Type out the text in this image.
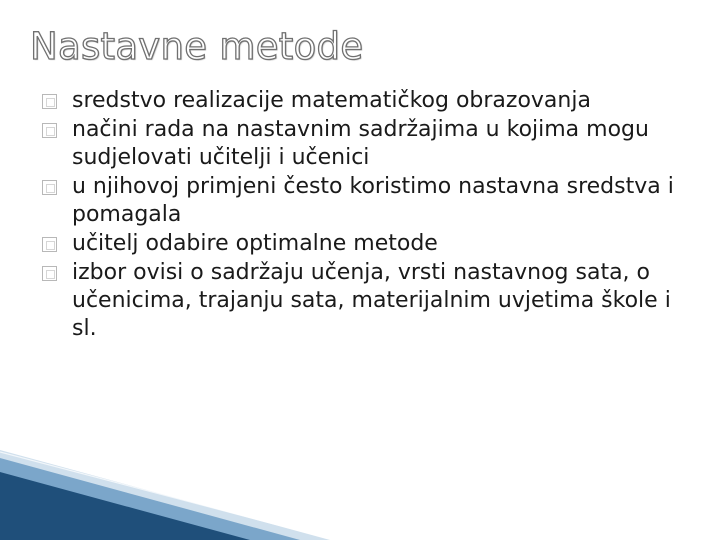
Nastavne metode
sredstvo realizacije matematičkog obrazovanja
načini rada na nastavnim sadržajima u kojima mogu sudjelovati učitelji i učenici
u njihovoj primjeni često koristimo nastavna sredstva i pomagala
učitelj odabire optimalne metode
izbor ovisi o sadržaju učenja, vrsti nastavnog sata, o učenicima, trajanju sata, materijalnim uvjetima škole i sl.
